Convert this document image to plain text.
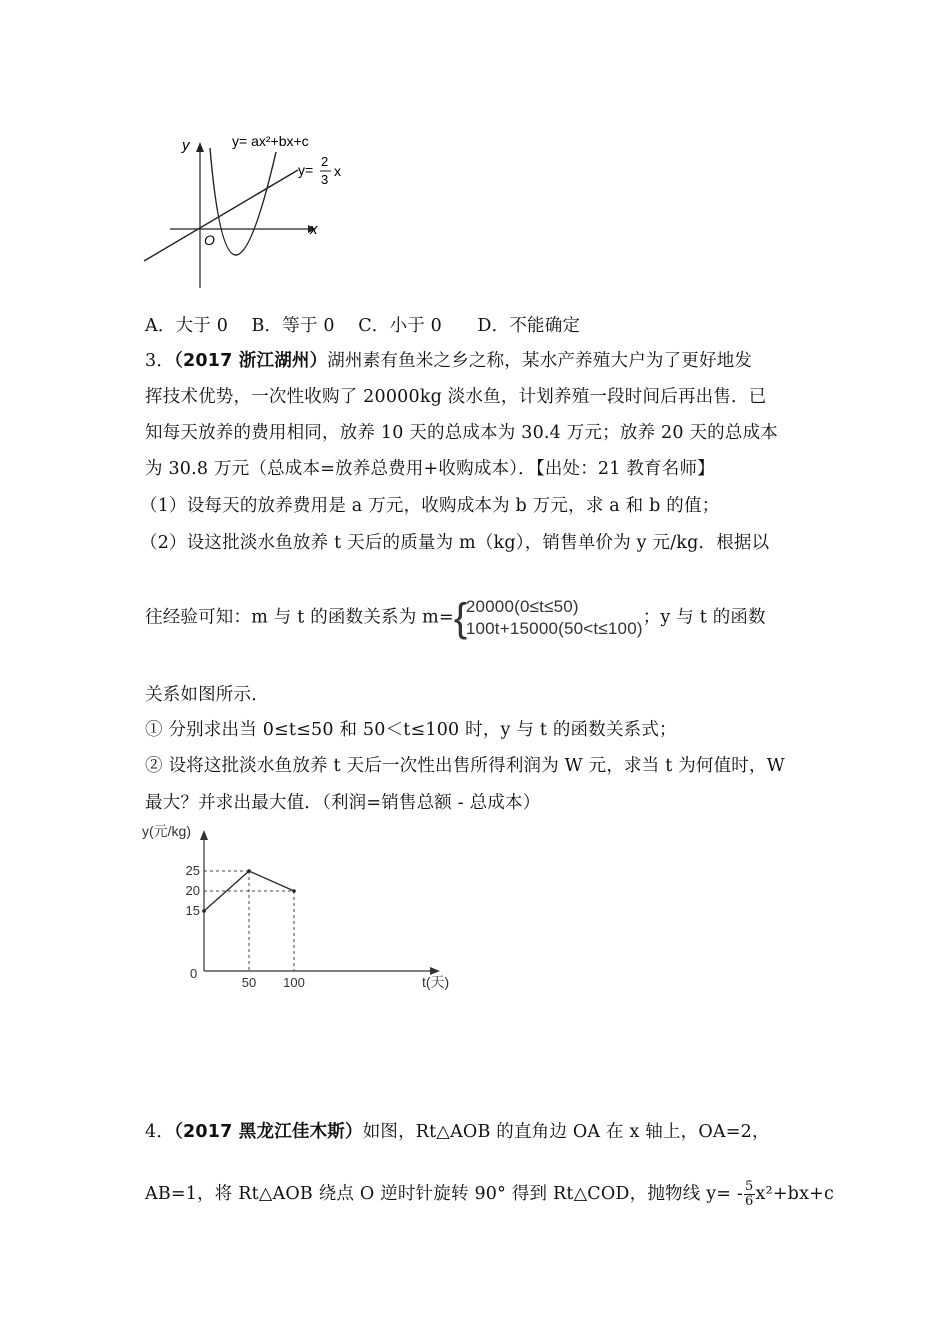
y
x
O
y= ax²+bx+c
y=
2
3
x
A．大于 0　 B．等于 0　 C．小于 0　　D．不能确定
3．（2017 浙江湖州）湖州素有鱼米之乡之称，某水产养殖大户为了更好地发
挥技术优势，一次性收购了 20000kg 淡水鱼，计划养殖一段时间后再出售．已
知每天放养的费用相同，放养 10 天的总成本为 30.4 万元；放养 20 天的总成本
为 30.8 万元（总成本=放养总费用+收购成本）．【出处：21 教育名师】
（1）设每天的放养费用是 a 万元，收购成本为 b 万元，求 a 和 b 的值；
（2）设这批淡水鱼放养 t 天后的质量为 m（kg），销售单价为 y 元/kg．根据以
往经验可知：m 与 t 的函数关系为 m= {
20000(0≤t≤50)
100t+15000(50<t≤100)
；y 与 t 的函数
关系如图所示．
① 分别求出当 0≤t≤50 和 50＜t≤100 时，y 与 t 的函数关系式；
② 设将这批淡水鱼放养 t 天后一次性出售所得利润为 W 元，求当 t 为何值时，W
最大？并求出最大值．（利润=销售总额 - 总成本）
y(元/kg)
t(天)
0
15
20
25
50 100
4．（2017 黑龙江佳木斯）如图，Rt△AOB 的直角边 OA 在 x 轴上，OA=2，
AB=1，将 Rt△AOB 绕点 O 逆时针旋转 90° 得到 Rt△COD，抛物线 $y= - \frac{5}{6} x^2+bx+c$
